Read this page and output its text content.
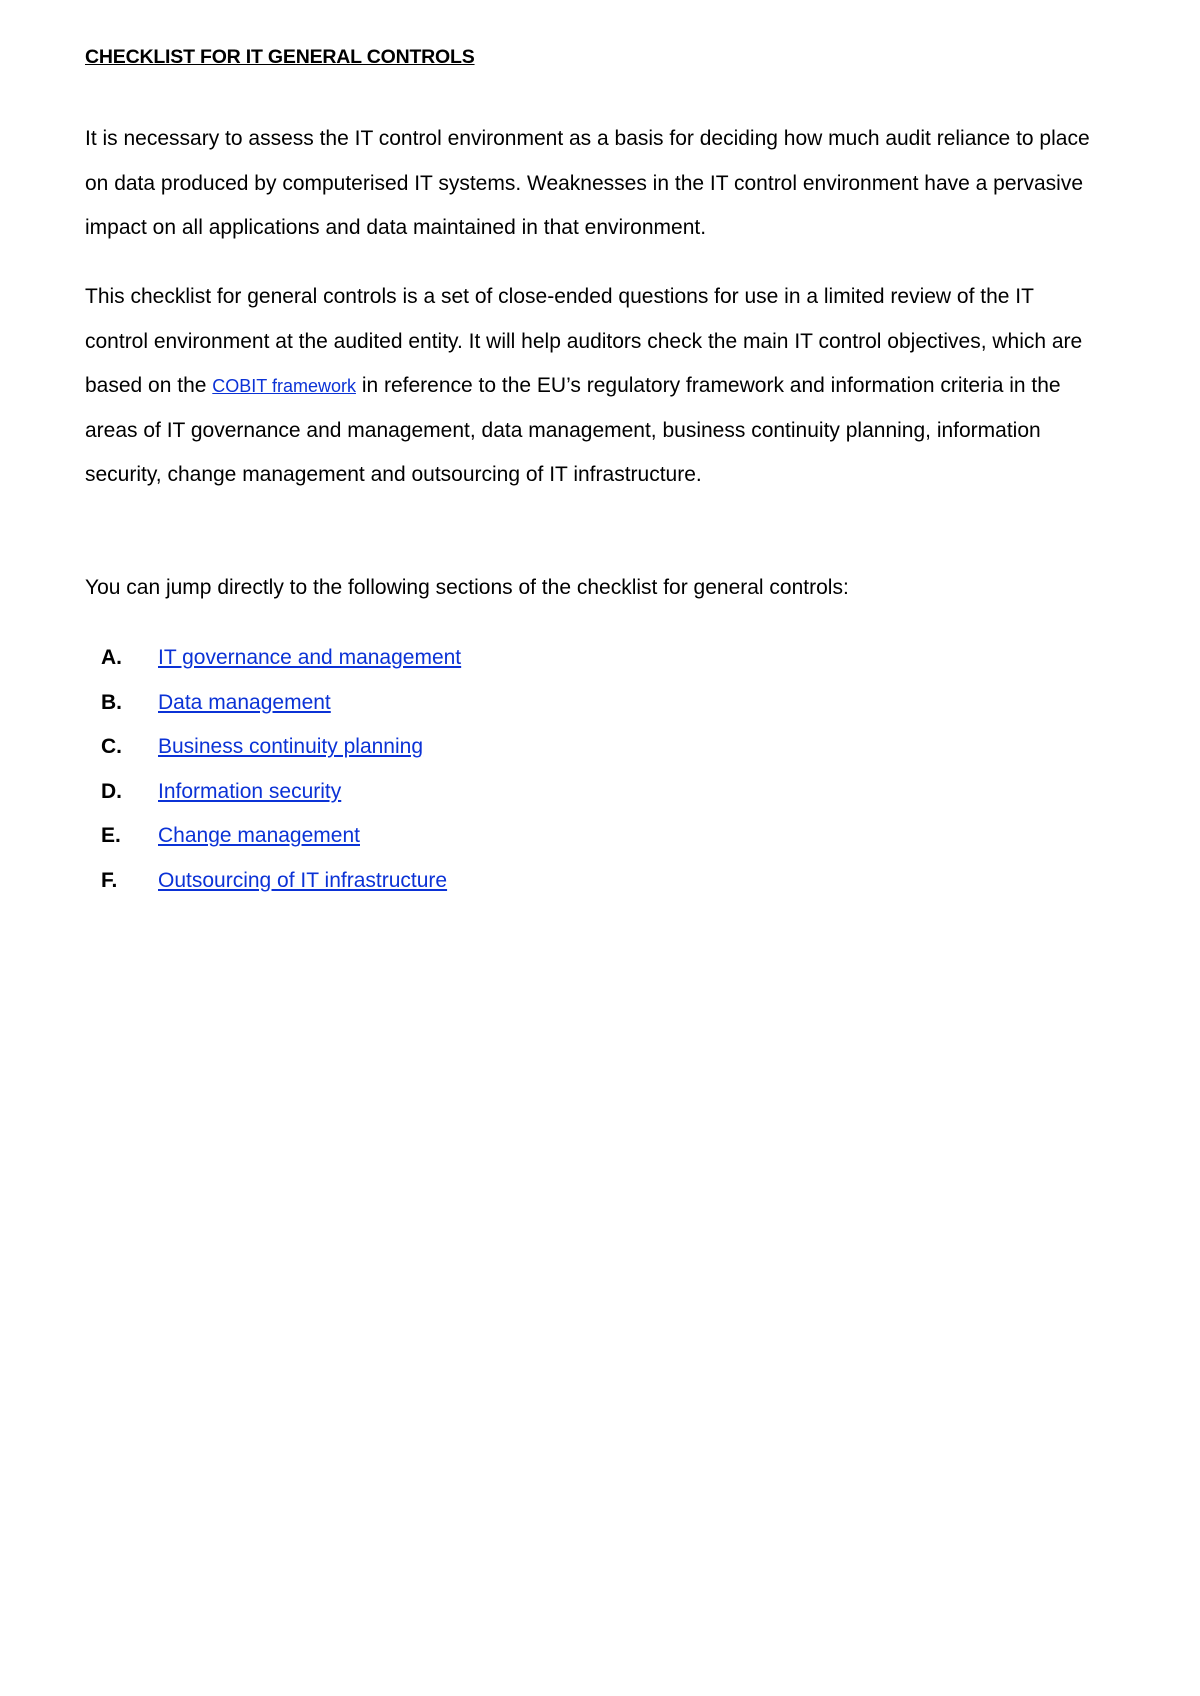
CHECKLIST FOR IT GENERAL CONTROLS

It is necessary to assess the IT control environment as a basis for deciding how much audit reliance to place on data produced by computerised IT systems. Weaknesses in the IT control environment have a pervasive impact on all applications and data maintained in that environment.

This checklist for general controls is a set of close-ended questions for use in a limited review of the IT control environment at the audited entity. It will help auditors check the main IT control objectives, which are based on the COBIT framework in reference to the EU’s regulatory framework and information criteria in the areas of IT governance and management, data management, business continuity planning, information security, change management and outsourcing of IT infrastructure.

You can jump directly to the following sections of the checklist for general controls:

A.	IT governance and management
B.	Data management
C.	Business continuity planning
D.	Information security
E.	Change management
F.	Outsourcing of IT infrastructure
